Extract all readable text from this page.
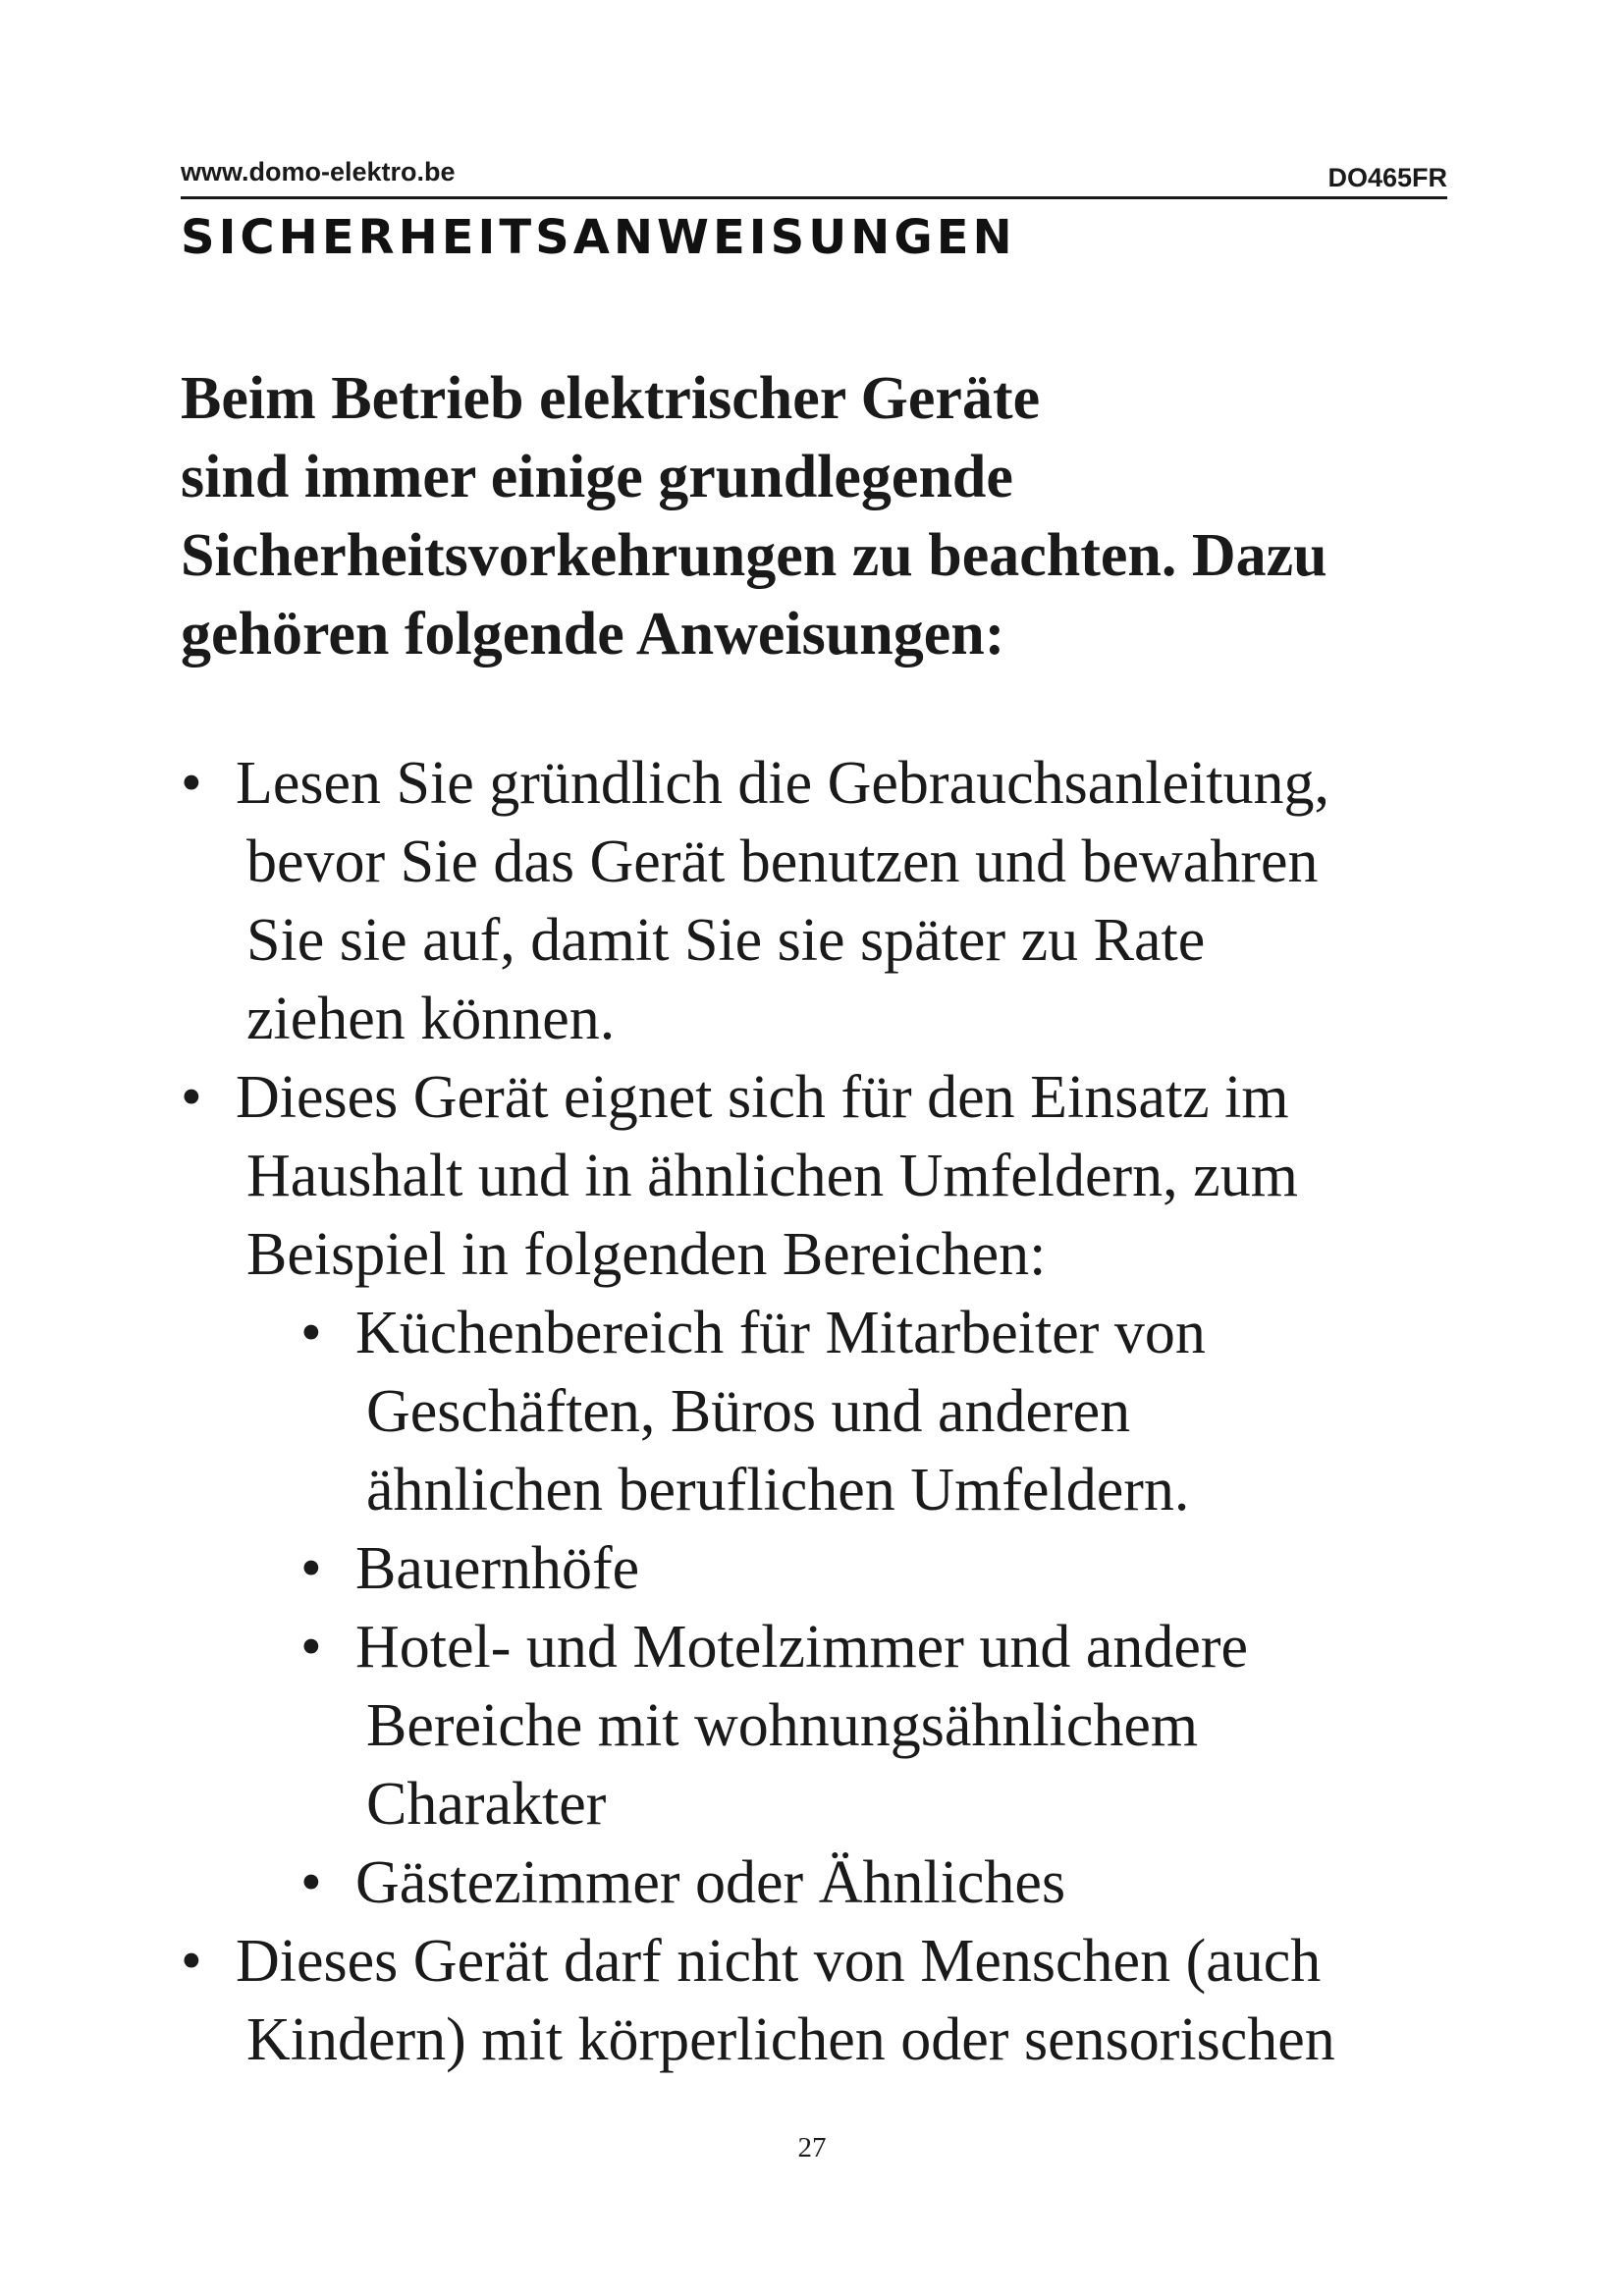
www.domo-elektro.be	DO465FR
SICHERHEITSANWEISUNGEN
Beim Betrieb elektrischer Geräte
sind immer einige grundlegende
Sicherheitsvorkehrungen zu beachten. Dazu
gehören folgende Anweisungen:
• Lesen Sie gründlich die Gebrauchsanleitung,
bevor Sie das Gerät benutzen und bewahren
Sie sie auf, damit Sie sie später zu Rate
ziehen können.
• Dieses Gerät eignet sich für den Einsatz im
Haushalt und in ähnlichen Umfeldern, zum
Beispiel in folgenden Bereichen:
• Küchenbereich für Mitarbeiter von
Geschäften, Büros und anderen
ähnlichen beruflichen Umfeldern.
• Bauernhöfe
• Hotel- und Motelzimmer und andere
Bereiche mit wohnungsähnlichem
Charakter
• Gästezimmer oder Ähnliches
• Dieses Gerät darf nicht von Menschen (auch
Kindern) mit körperlichen oder sensorischen
27
